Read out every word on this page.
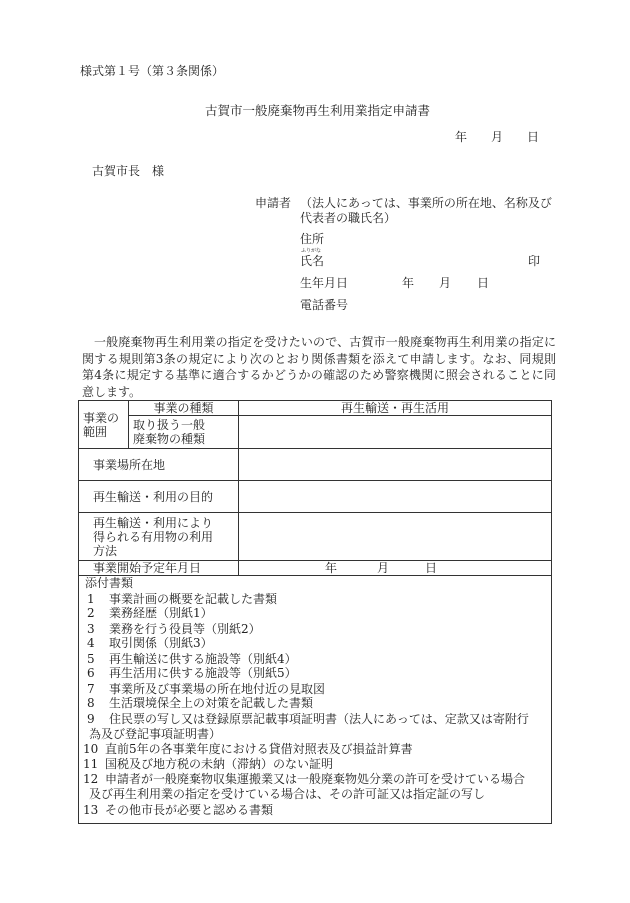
様式第１号（第３条関係）
古賀市一般廃棄物再生利用業指定申請書
年 月 日
古賀市長　様
申請者 （法人にあっては、事業所の所在地、名称及び
代表者の職氏名）
住所
ふりがな
氏名	印
生年月日	年 月 日
電話番号
一般廃棄物再生利用業の指定を受けたいので、古賀市一般廃棄物再生利用業の指定に関する規則第3条の規定により次のとおり関係書類を添えて申請します。なお、同規則第4条に規定する基準に適合するかどうかの確認のため警察機関に照会されることに同意します。
事業の
範囲	事業の種類	再生輸送・再生活用

	取り扱う一般
廃棄物の種類	

事業場所在地		
再生輸送・利用の目的		

再生輸送・利用により
得られる有用物の利用
方法		

事業開始予定年月日		年 月 日
添付書類
1 事業計画の概要を記載した書類
2 業務経歴（別紙1）
3 業務を行う役員等（別紙2）
4 取引関係（別紙3）
5 再生輸送に供する施設等（別紙4）
6 再生活用に供する施設等（別紙5）
7 事業所及び事業場の所在地付近の見取図
8 生活環境保全上の対策を記載した書類
9 住民票の写し又は登録原票記載事項証明書（法人にあっては、定款又は寄附行
為及び登記事項証明書）
10 直前5年の各事業年度における貸借対照表及び損益計算書
11 国税及び地方税の未納（滞納）のない証明
12 申請者が一般廃棄物収集運搬業又は一般廃棄物処分業の許可を受けている場合
及び再生利用業の指定を受けている場合は、その許可証又は指定証の写し
13 その他市長が必要と認める書類
